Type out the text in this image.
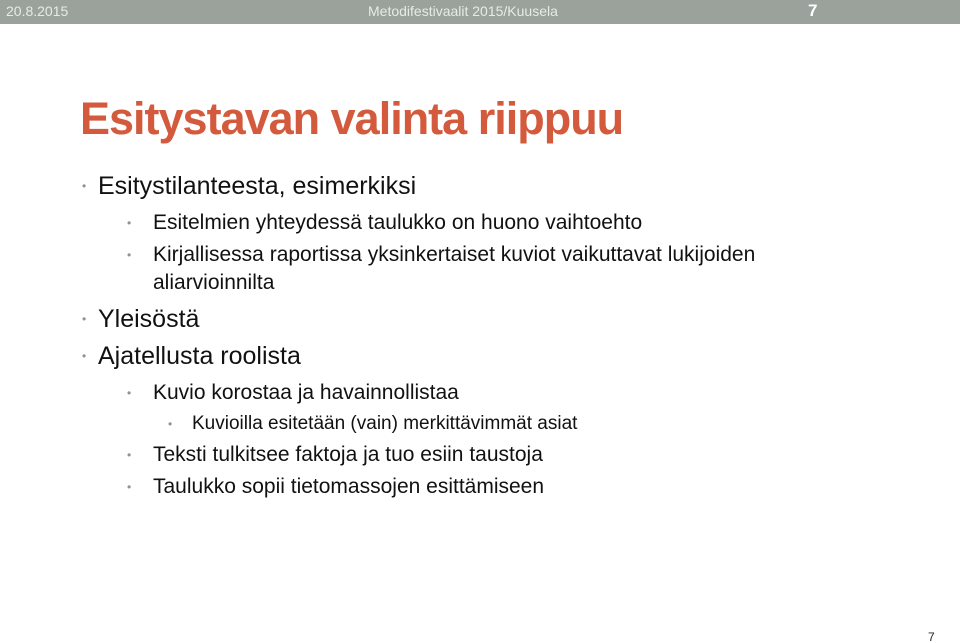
20.8.2015	Metodifestivaalit 2015/Kuusela	7
Esitystavan valinta riippuu
• Esitystilanteesta, esimerkiksi
• Esitelmien yhteydessä taulukko on huono vaihtoehto
• Kirjallisessa raportissa yksinkertaiset kuviot vaikuttavat lukijoiden
aliarvioinnilta
• Yleisöstä
• Ajatellusta roolista
• Kuvio korostaa ja havainnollistaa
• Kuvioilla esitetään (vain) merkittävimmät asiat
• Teksti tulkitsee faktoja ja tuo esiin taustoja
• Taulukko sopii tietomassojen esittämiseen
7
